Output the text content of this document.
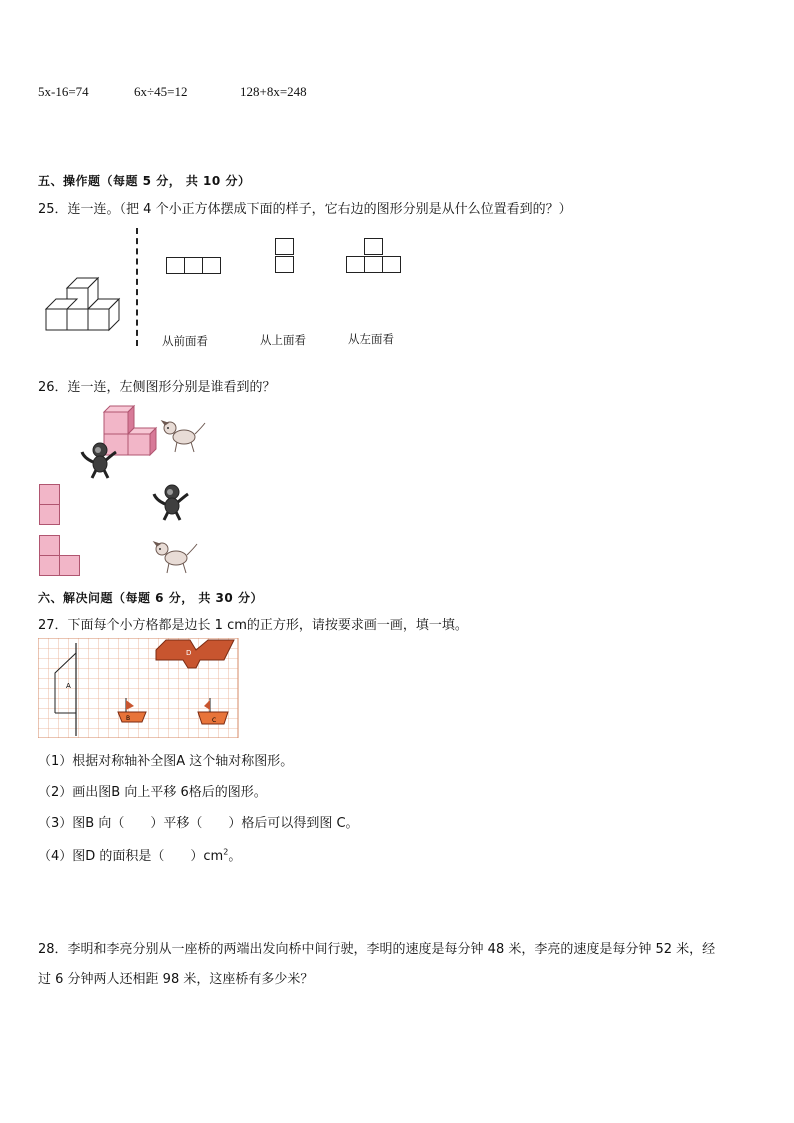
5x-16=74	6x÷45=12	128+8x=248
五、操作题（每题 5 分， 共 10 分）
25．连一连。（把 4 个小正方体摆成下面的样子，它右边的图形分别是从什么位置看到的？）
从前面看	从上面看	从左面看
26．连一连，左侧图形分别是谁看到的？
六、解决问题（每题 6 分， 共 30 分）
27．下面每个小方格都是边长 1 cm的正方形，请按要求画一画，填一填。
A
D
B	C
（1）根据对称轴补全图A 这个轴对称图形。
（2）画出图B 向上平移 6格后的图形。
（3）图B 向（　　）平移（　　）格后可以得到图 C。
（4）图D 的面积是（　　）$cm^2$。
28．李明和李亮分别从一座桥的两端出发向桥中间行驶，李明的速度是每分钟 48 米，李亮的速度是每分钟 52 米，经
过 6 分钟两人还相距 98 米，这座桥有多少米？
